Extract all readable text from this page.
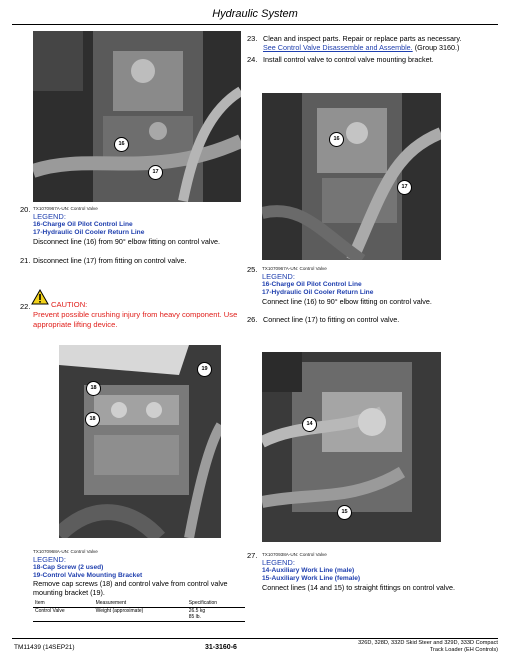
Hydraulic System
16
17
20. TX1070967A-UN: Control Valve
LEGEND:
16-Charge Oil Pilot Control Line
17-Hydraulic Oil Cooler Return Line
Disconnect line (16) from 90° elbow fitting on control valve.
21. Disconnect line (17) from fitting on control valve.
22.	CAUTION:
Prevent possible crushing injury from heavy component. Use appropriate lifting device.
18
18
19
TX1070968A-UN: Control Valve
LEGEND:
18-Cap Screw (2 used)
19-Control Valve Mounting Bracket
Remove cap screws (18) and control valve from control valve mounting bracket (19).
Item	Measurement	Specification
Control Valve	Weight (approximate)	26.5 kg
85 lb.
23. Clean and inspect parts. Repair or replace parts as necessary.
See Control Valve Disassemble and Assemble. (Group 3160.)
24. Install control valve to control valve mounting bracket.
16
17
25. TX1070967A-UN: Control Valve
LEGEND:
16-Charge Oil Pilot Control Line
17-Hydraulic Oil Cooler Return Line
Connect line (16) to 90° elbow fitting on control valve.
26. Connect line (17) to fitting on control valve.
14
15
27. TX1070938A-UN: Control Valve
LEGEND:
14-Auxiliary Work Line (male)
15-Auxiliary Work Line (female)
Connect lines (14 and 15) to straight fittings on control valve.
TM11439 (14SEP21)	31-3160-6
326D, 328D, 332D Skid Steer and 329D, 333D Compact
Track Loader (EH Controls)
